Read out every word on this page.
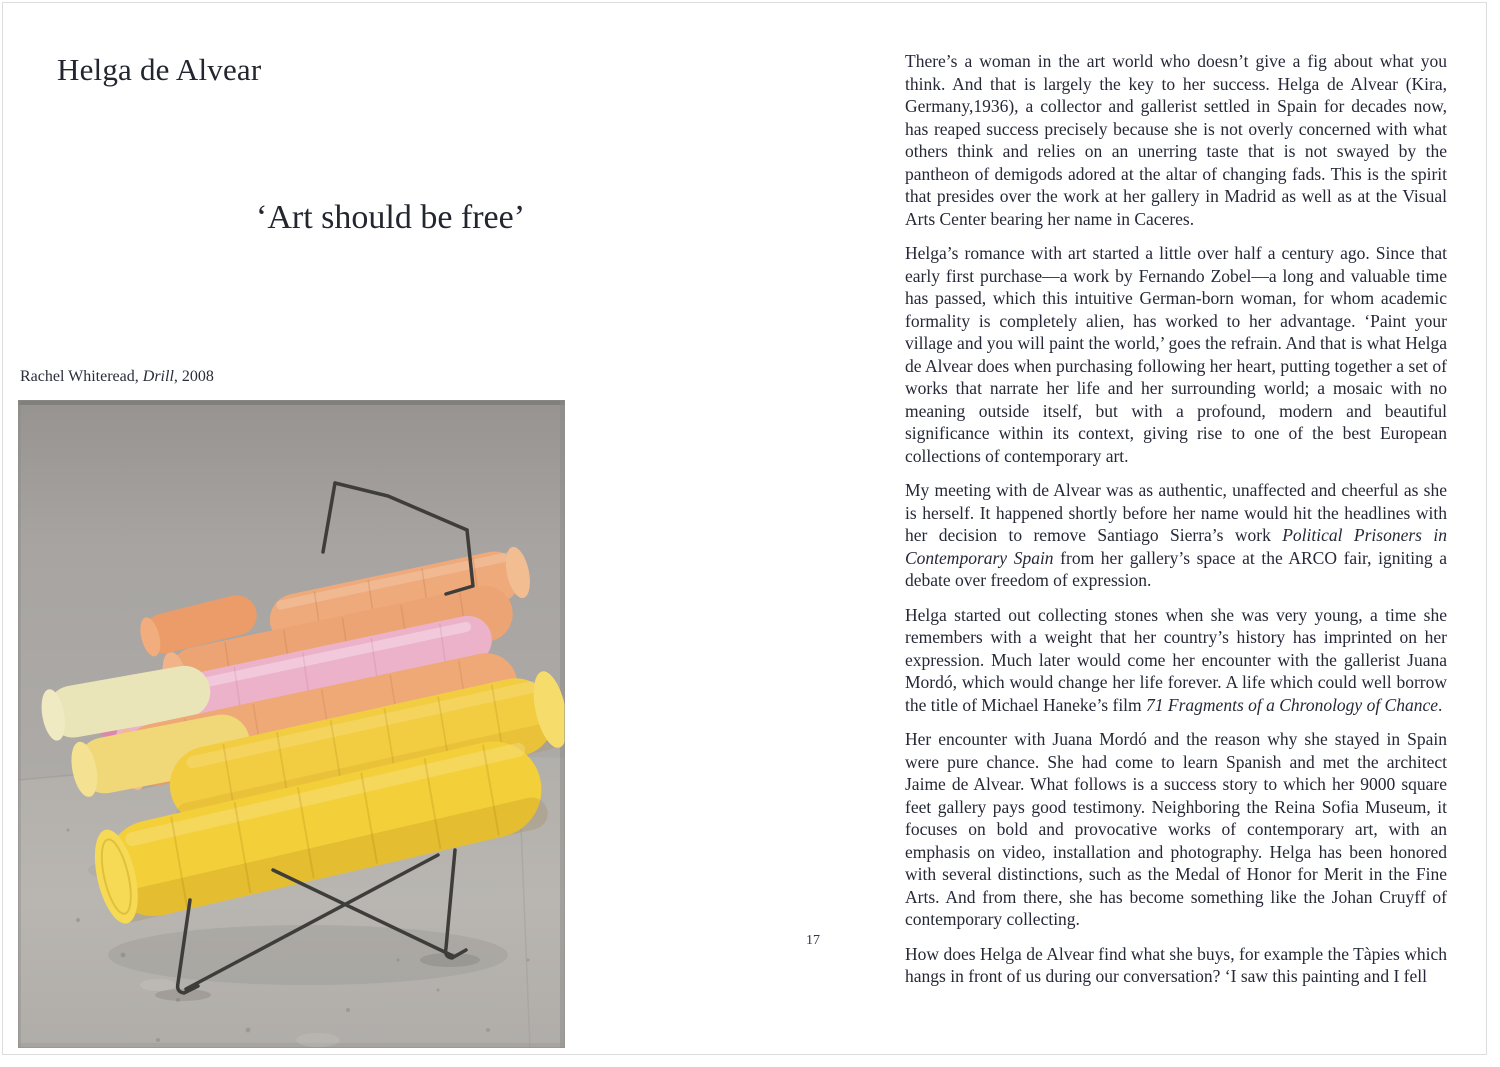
Helga de Alvear
‘Art should be free’
Rachel Whiteread, Drill, 2008

There’s a woman in the art world who doesn’t give a fig about what you think. And that is largely the key to her success. Helga de Alvear (Kira, Germany,1936), a collector and gallerist settled in Spain for decades now, has reaped success precisely because she is not overly concerned with what others think and relies on an unerring taste that is not swayed by the pantheon of demigods adored at the altar of changing fads. This is the spirit that presides over the work at her gallery in Madrid as well as at the Visual Arts Center bearing her name in Caceres.

Helga’s romance with art started a little over half a century ago. Since that early first purchase—a work by Fernando Zobel—a long and valuable time has passed, which this intuitive German-born woman, for whom academic formality is completely alien, has worked to her advantage. ‘Paint your village and you will paint the world,’ goes the refrain. And that is what Helga de Alvear does when purchasing following her heart, putting together a set of works that narrate her life and her surrounding world; a mosaic with no meaning outside itself, but with a profound, modern and beautiful significance within its context, giving rise to one of the best European collections of contemporary art.

My meeting with de Alvear was as authentic, unaffected and cheerful as she is herself. It happened shortly before her name would hit the headlines with her decision to remove Santiago Sierra’s work Political Prisoners in Contemporary Spain from her gallery’s space at the ARCO fair, igniting a debate over freedom of expression.

Helga started out collecting stones when she was very young, a time she remembers with a weight that her country’s history has imprinted on her expression. Much later would come her encounter with the gallerist Juana Mordó, which would change her life forever. A life which could well borrow the title of Michael Haneke’s film 71 Fragments of a Chronology of Chance.

Her encounter with Juana Mordó and the reason why she stayed in Spain were pure chance. She had come to learn Spanish and met the architect Jaime de Alvear. What follows is a success story to which her 9000 square feet gallery pays good testimony. Neighboring the Reina Sofia Museum, it focuses on bold and provocative works of contemporary art, with an emphasis on video, installation and photography. Helga has been honored with several distinctions, such as the Medal of Honor for Merit in the Fine Arts. And from there, she has become something like the Johan Cruyff of contemporary collecting.

How does Helga de Alvear find what she buys, for example the Tàpies which hangs in front of us during our conversation? ‘I saw this painting and I fell

17
